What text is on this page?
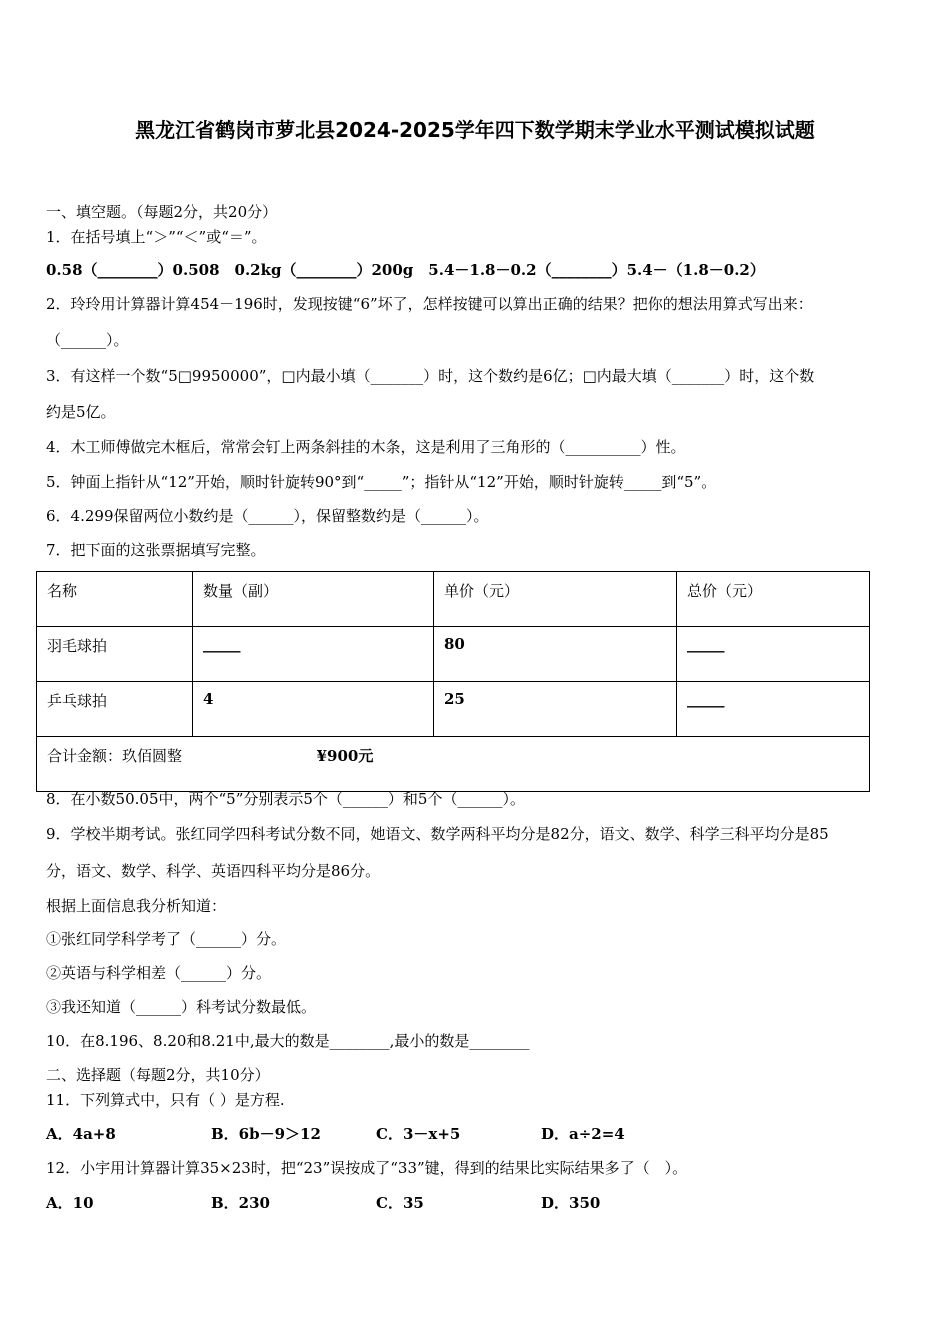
黑龙江省鹤岗市萝北县2024-2025学年四下数学期末学业水平测试模拟试题
一、填空题。（每题2分，共20分）
1．在括号填上“＞”“＜”或“＝”。
0.58（________）0.508　0.2kg（________）200g　5.4－1.8－0.2（________）5.4－（1.8－0.2）
2．玲玲用计算器计算454－196时，发现按键“6”坏了，怎样按键可以算出正确的结果？把你的想法用算式写出来：
（______）。
3．有这样一个数“5□9950000”，□内最小填（_______）时，这个数约是6亿；□内最大填（_______）时，这个数
约是5亿。
4．木工师傅做完木框后，常常会钉上两条斜挂的木条，这是利用了三角形的（__________）性。
5．钟面上指针从“12”开始，顺时针旋转90°到“_____”；指针从“12”开始，顺时针旋转_____到“5”。
6．4.299保留两位小数约是（______），保留整数约是（______）。
7．把下面的这张票据填写完整。
名称	数量（副）	单价（元）	总价（元）
羽毛球拍	_____	80	_____
乒乓球拍	4	25	_____
合计金额：玖佰圆整 ¥900元			
8．在小数50.05中，两个“5”分别表示5个（______）和5个（______）。
9．学校半期考试。张红同学四科考试分数不同，她语文、数学两科平均分是82分，语文、数学、科学三科平均分是85
分，语文、数学、科学、英语四科平均分是86分。
根据上面信息我分析知道：
①张红同学科学考了（______）分。
②英语与科学相差（______）分。
③我还知道（______）科考试分数最低。
10．在8.196、8.20和8.21中,最大的数是________,最小的数是________
二、选择题（每题2分，共10分）
11．下列算式中，只有（ ）是方程.
A．4a+8	B．6b－9＞12	C．3－x+5	D．a÷2=4
12．小宇用计算器计算35×23时，把“23”误按成了“33”键，得到的结果比实际结果多了（　）。
A．10	B．230	C．35	D．350
